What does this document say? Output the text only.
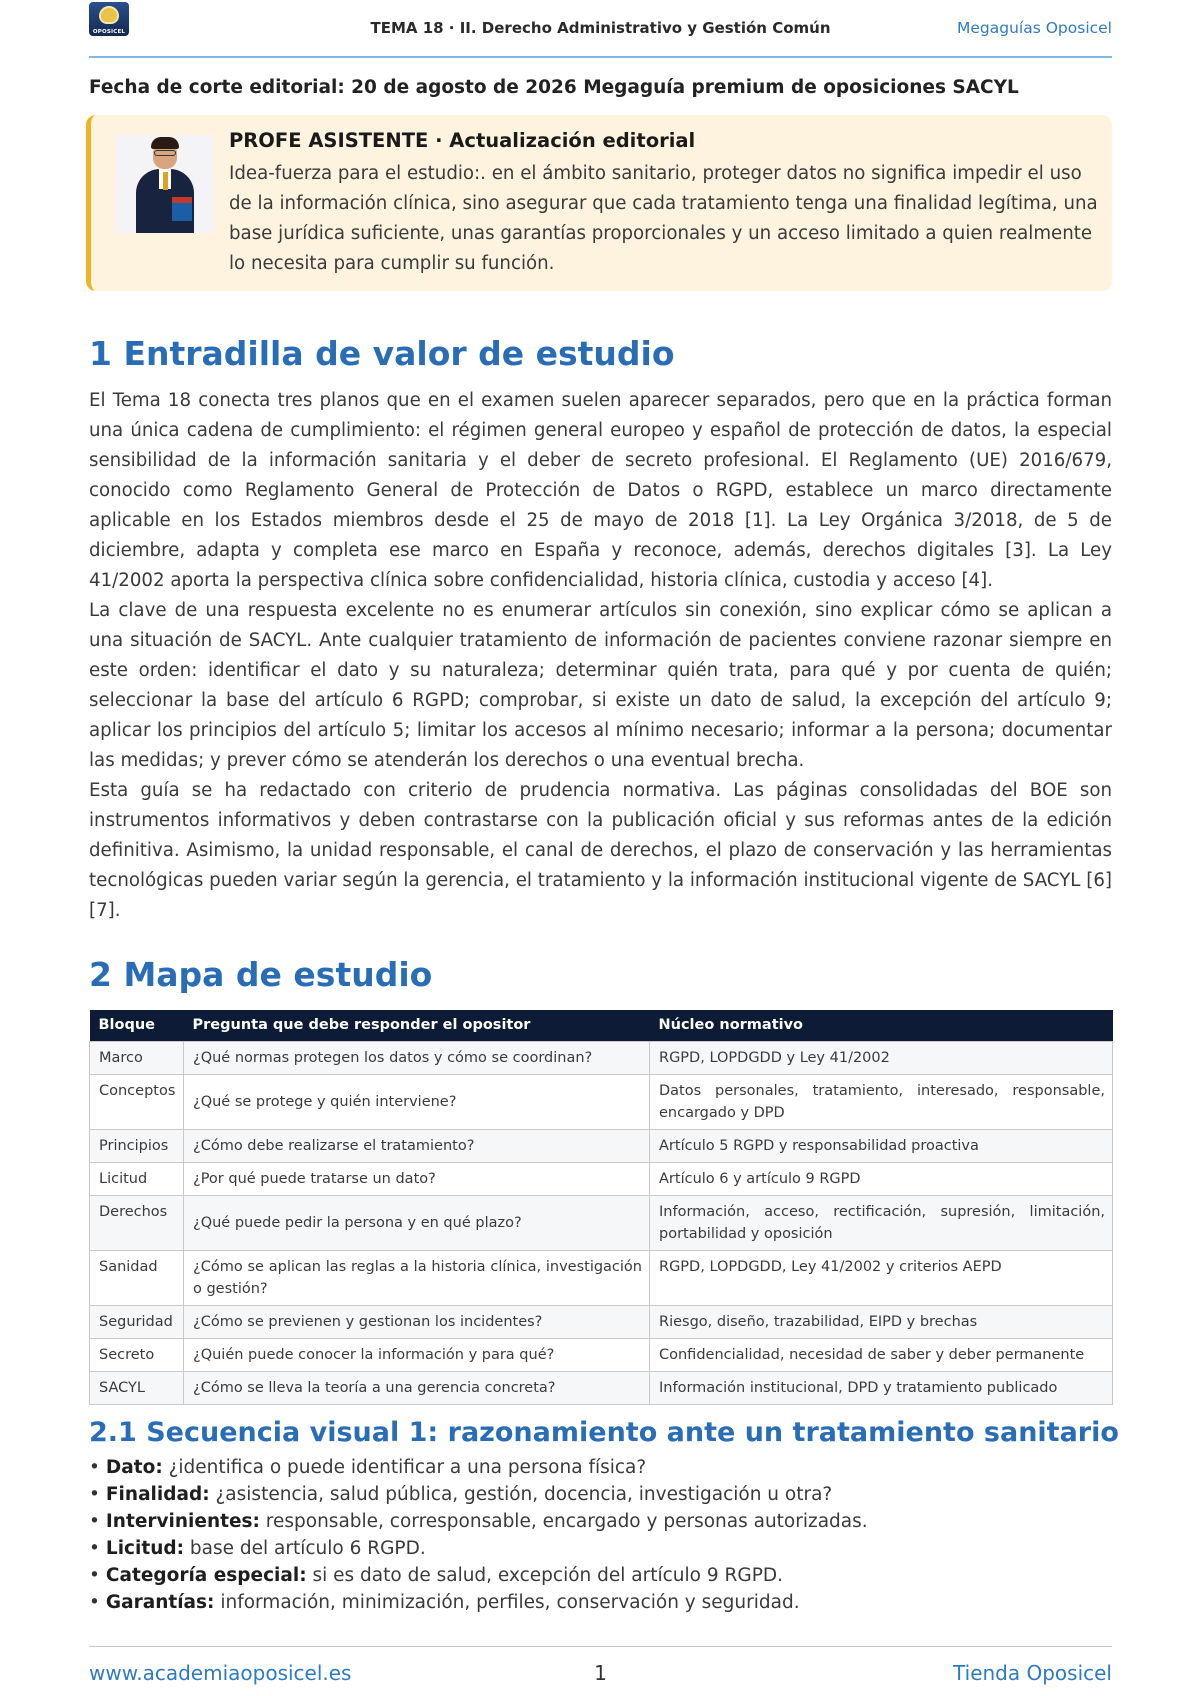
OPOSICEL	TEMA 18 · II. Derecho Administrativo y Gestión Común	Megaguías Oposicel
Fecha de corte editorial: 20 de agosto de 2026 Megaguía premium de oposiciones SACYL
PROFE ASISTENTE · Actualización editorial
Idea-fuerza para el estudio:. en el ámbito sanitario, proteger datos no significa impedir el uso de la información clínica, sino asegurar que cada tratamiento tenga una finalidad legítima, una base jurídica suficiente, unas garantías proporcionales y un acceso limitado a quien realmente lo necesita para cumplir su función.
1 Entradilla de valor de estudio

El Tema 18 conecta tres planos que en el examen suelen aparecer separados, pero que en la práctica forman una única cadena de cumplimiento: el régimen general europeo y español de protección de datos, la especial sensibilidad de la información sanitaria y el deber de secreto profesional. El Reglamento (UE) 2016/679, conocido como Reglamento General de Protección de Datos o RGPD, establece un marco directamente aplicable en los Estados miembros desde el 25 de mayo de 2018 [1]. La Ley Orgánica 3/2018, de 5 de diciembre, adapta y completa ese marco en España y reconoce, además, derechos digitales [3]. La Ley 41/2002 aporta la perspectiva clínica sobre confidencialidad, historia clínica, custodia y acceso [4].

La clave de una respuesta excelente no es enumerar artículos sin conexión, sino explicar cómo se aplican a una situación de SACYL. Ante cualquier tratamiento de información de pacientes conviene razonar siempre en este orden: identificar el dato y su naturaleza; determinar quién trata, para qué y por cuenta de quién; seleccionar la base del artículo 6 RGPD; comprobar, si existe un dato de salud, la excepción del artículo 9; aplicar los principios del artículo 5; limitar los accesos al mínimo necesario; informar a la persona; documentar las medidas; y prever cómo se atenderán los derechos o una eventual brecha.

Esta guía se ha redactado con criterio de prudencia normativa. Las páginas consolidadas del BOE son instrumentos informativos y deben contrastarse con la publicación oficial y sus reformas antes de la edición definitiva. Asimismo, la unidad responsable, el canal de derechos, el plazo de conservación y las herramientas tecnológicas pueden variar según la gerencia, el tratamiento y la información institucional vigente de SACYL [6] [7].

2 Mapa de estudio
Bloque	Pregunta que debe responder el opositor	Núcleo normativo
Marco	¿Qué normas protegen los datos y cómo se coordinan?	RGPD, LOPDGDD y Ley 41/2002
Conceptos	¿Qué se protege y quién interviene?	Datos personales, tratamiento, interesado, responsable, encargado y DPD
Principios	¿Cómo debe realizarse el tratamiento?	Artículo 5 RGPD y responsabilidad proactiva
Licitud	¿Por qué puede tratarse un dato?	Artículo 6 y artículo 9 RGPD
Derechos	¿Qué puede pedir la persona y en qué plazo?	Información, acceso, rectificación, supresión, limitación, portabilidad y oposición
Sanidad	¿Cómo se aplican las reglas a la historia clínica, investigación o gestión?	RGPD, LOPDGDD, Ley 41/2002 y criterios AEPD
Seguridad	¿Cómo se previenen y gestionan los incidentes?	Riesgo, diseño, trazabilidad, EIPD y brechas
Secreto	¿Quién puede conocer la información y para qué?	Confidencialidad, necesidad de saber y deber permanente
SACYL	¿Cómo se lleva la teoría a una gerencia concreta?	Información institucional, DPD y tratamiento publicado
2.1 Secuencia visual 1: razonamiento ante un tratamiento sanitario
• Dato: ¿identifica o puede identificar a una persona física?
• Finalidad: ¿asistencia, salud pública, gestión, docencia, investigación u otra?
• Intervinientes: responsable, corresponsable, encargado y personas autorizadas.
• Licitud: base del artículo 6 RGPD.
• Categoría especial: si es dato de salud, excepción del artículo 9 RGPD.
• Garantías: información, minimización, perfiles, conservación y seguridad.
www.academiaoposicel.es	1	Tienda Oposicel
